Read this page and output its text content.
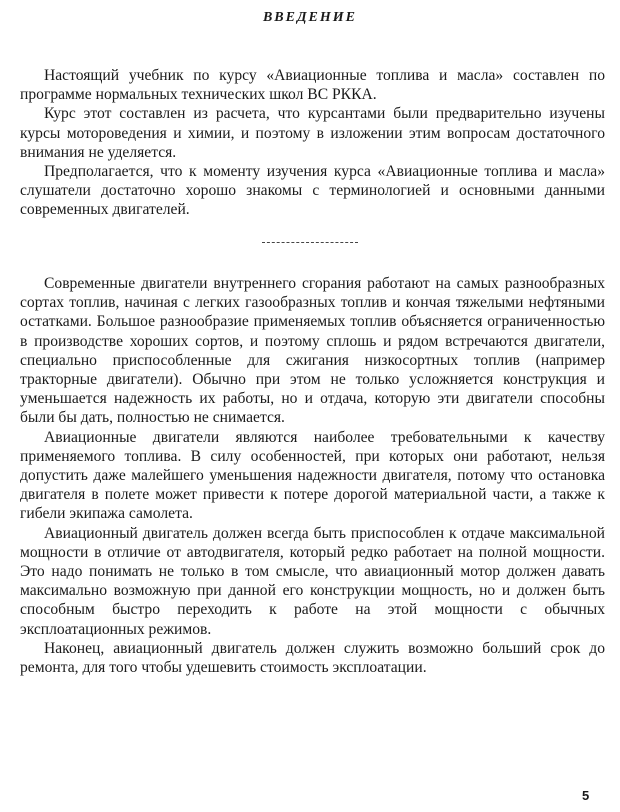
ВВЕДЕНИЕ

Настоящий учебник по курсу «Авиационные топлива и масла» составлен по программе нормальных технических школ ВС РККА.

Курс этот составлен из расчета, что курсантами были предварительно изучены курсы мотороведения и химии, и поэтому в изложении этим вопросам достаточного внимания не уделяется.

Предполагается, что к моменту изучения курса «Авиационные топлива и масла» слушатели достаточно хорошо знакомы с терминологией и основными данными современных двигателей.

Современные двигатели внутреннего сгорания работают на самых разнообразных сортах топлив, начиная с легких газообразных топлив и кончая тяжелыми нефтяными остатками. Большое разнообразие применяемых топлив объясняется ограниченностью в производстве хороших сортов, и поэтому сплошь и рядом встречаются двигатели, специально приспособленные для сжигания низкосортных топлив (например тракторные двигатели). Обычно при этом не только усложняется конструкция и уменьшается надежность их работы, но и отдача, которую эти двигатели способны были бы дать, полностью не снимается.

Авиационные двигатели являются наиболее требовательными к качеству применяемого топлива. В силу особенностей, при которых они работают, нельзя допустить даже малейшего уменьшения надежности двигателя, потому что остановка двигателя в полете может привести к потере дорогой материальной части, а также к гибели экипажа самолета.

Авиационный двигатель должен всегда быть приспособлен к отдаче максимальной мощности в отличие от автодвигателя, который редко работает на полной мощности. Это надо понимать не только в том смысле, что авиационный мотор должен давать максимально возможную при данной его конструкции мощность, но и должен быть способным быстро переходить к работе на этой мощности с обычных эксплоатационных режимов.

Наконец, авиационный двигатель должен служить возможно больший срок до ремонта, для того чтобы удешевить стоимость эксплоатации.

5
